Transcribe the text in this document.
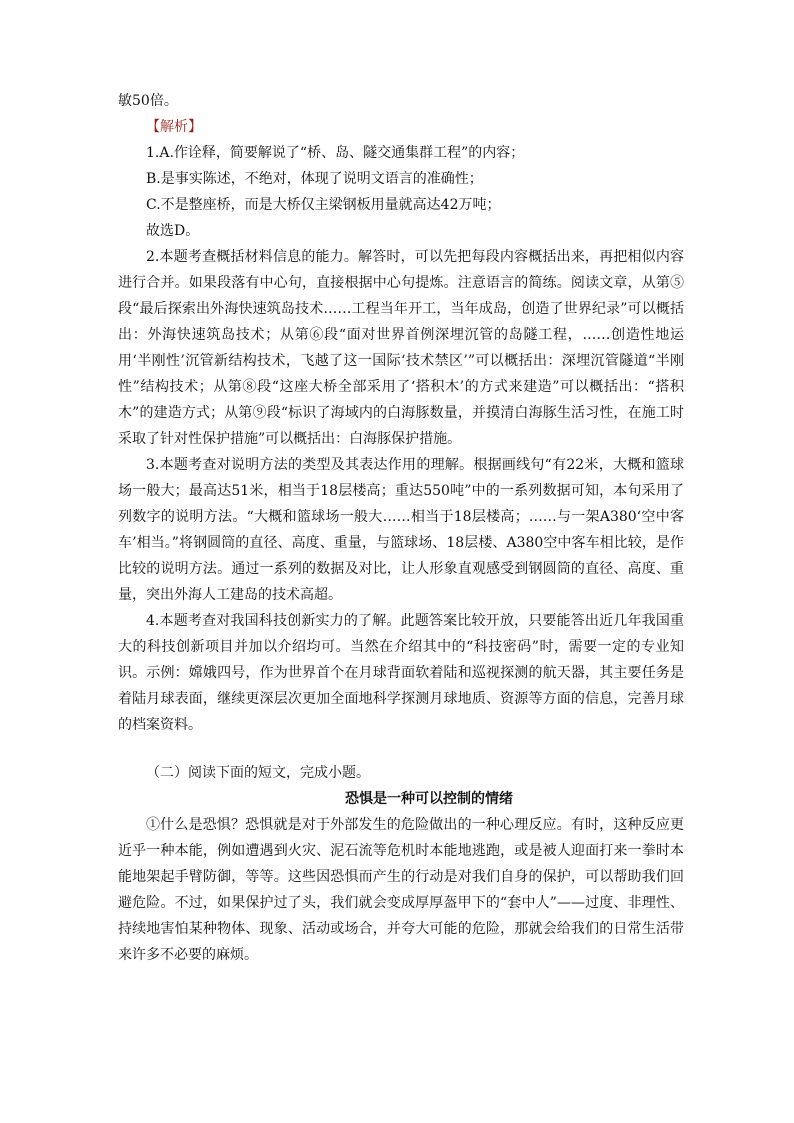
敏50倍。

【解析】

1.A.作诠释，简要解说了“桥、岛、隧交通集群工程”的内容；

B.是事实陈述，不绝对，体现了说明文语言的准确性；

C.不是整座桥，而是大桥仅主梁钢板用量就高达42万吨；

故选D。

2.本题考查概括材料信息的能力。解答时，可以先把每段内容概括出来，再把相似内容进行合并。如果段落有中心句，直接根据中心句提炼。注意语言的简练。阅读文章，从第⑤段“最后探索出外海快速筑岛技术……工程当年开工，当年成岛，创造了世界纪录”可以概括出：外海快速筑岛技术；从第⑥段“面对世界首例深埋沉管的岛隧工程，……创造性地运用‘半刚性’沉管新结构技术，飞越了这一国际‘技术禁区’”可以概括出：深埋沉管隧道“半刚性”结构技术；从第⑧段“这座大桥全部采用了‘搭积木’的方式来建造”可以概括出：“搭积木”的建造方式；从第⑨段“标识了海域内的白海豚数量，并摸清白海豚生活习性，在施工时采取了针对性保护措施”可以概括出：白海豚保护措施。

3.本题考查对说明方法的类型及其表达作用的理解。根据画线句“有22米，大概和篮球场一般大；最高达51米，相当于18层楼高；重达550吨”中的一系列数据可知，本句采用了列数字的说明方法。“大概和篮球场一般大……相当于18层楼高；……与一架A380‘空中客车’相当。”将钢圆筒的直径、高度、重量，与篮球场、18层楼、A380空中客车相比较，是作比较的说明方法。通过一系列的数据及对比，让人形象直观感受到钢圆筒的直径、高度、重量，突出外海人工建岛的技术高超。

4.本题考查对我国科技创新实力的了解。此题答案比较开放，只要能答出近几年我国重大的科技创新项目并加以介绍均可。当然在介绍其中的“科技密码”时，需要一定的专业知识。示例：嫦娥四号，作为世界首个在月球背面软着陆和巡视探测的航天器，其主要任务是着陆月球表面，继续更深层次更加全面地科学探测月球地质、资源等方面的信息，完善月球的档案资料。

（二）阅读下面的短文，完成小题。

恐惧是一种可以控制的情绪

①什么是恐惧？恐惧就是对于外部发生的危险做出的一种心理反应。有时，这种反应更近乎一种本能，例如遭遇到火灾、泥石流等危机时本能地逃跑，或是被人迎面打来一拳时本能地架起手臂防御，等等。这些因恐惧而产生的行动是对我们自身的保护，可以帮助我们回避危险。不过，如果保护过了头，我们就会变成厚厚盔甲下的“套中人”——过度、非理性、持续地害怕某种物体、现象、活动或场合，并夸大可能的危险，那就会给我们的日常生活带来许多不必要的麻烦。
